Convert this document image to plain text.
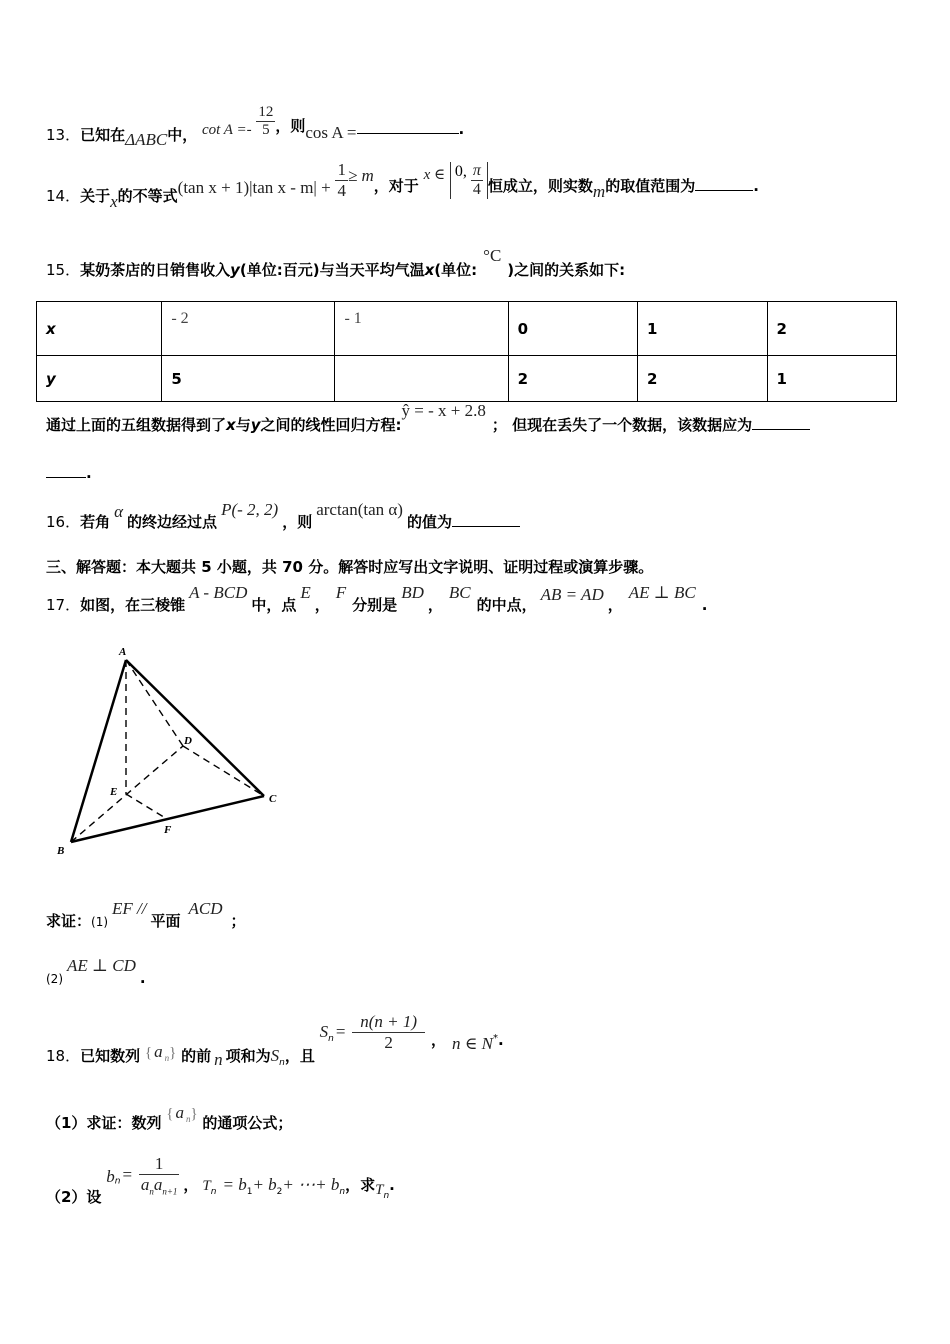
13．已知在ΔABC中， $\cot A =- \frac{12}{5}$ ，则cos A =	.
14．关于x的不等式(tan x + 1)|tan $x - m| + \frac{1}{4} \ge m$，对于 x ∈ 0, $\frac{\pi}{4}$ 恒成立，则实数m的取值范围为	.
15．某奶茶店的日销售收入y(单位:百元)与当天平均气温x(单位:°C)之间的关系如下:
x	- 2	- 1	0	1	2
y	5		2	2	1
通过上面的五组数据得到了x与y之间的线性回归方程:ŷ = - x + 2.8； 但现在丢失了一个数据，该数据应为
.
16．若角α的终边经过点P(- 2, 2)，则arctan(tan α)的值为
三、解答题：本大题共 5 小题，共 70 分。解答时应写出文字说明、证明过程或演算步骤。
17．如图，在三棱锥A - BCD中，点E，F分别是BD，BC的中点，AB = AD，AE ⊥ BC.
A
B
C
D
E
F
求证：$_{(1)}$EF //平面ACD；
$_{(2)}$AE ⊥ CD.
18．已知数列 { a $_n$} 的前 n 项和为$S_n$，且 $S_n = \frac{n(n + 1)}{2}$ ， n ∈ N*.
（1）求证：数列 { a $_n$} 的通项公式；
（2）设 $b_n = \frac{1}{a_na_{n+1}}$ ， $T_n = b_1+ b_2+$ ⋯+ $b_n$，求$T_n$.
